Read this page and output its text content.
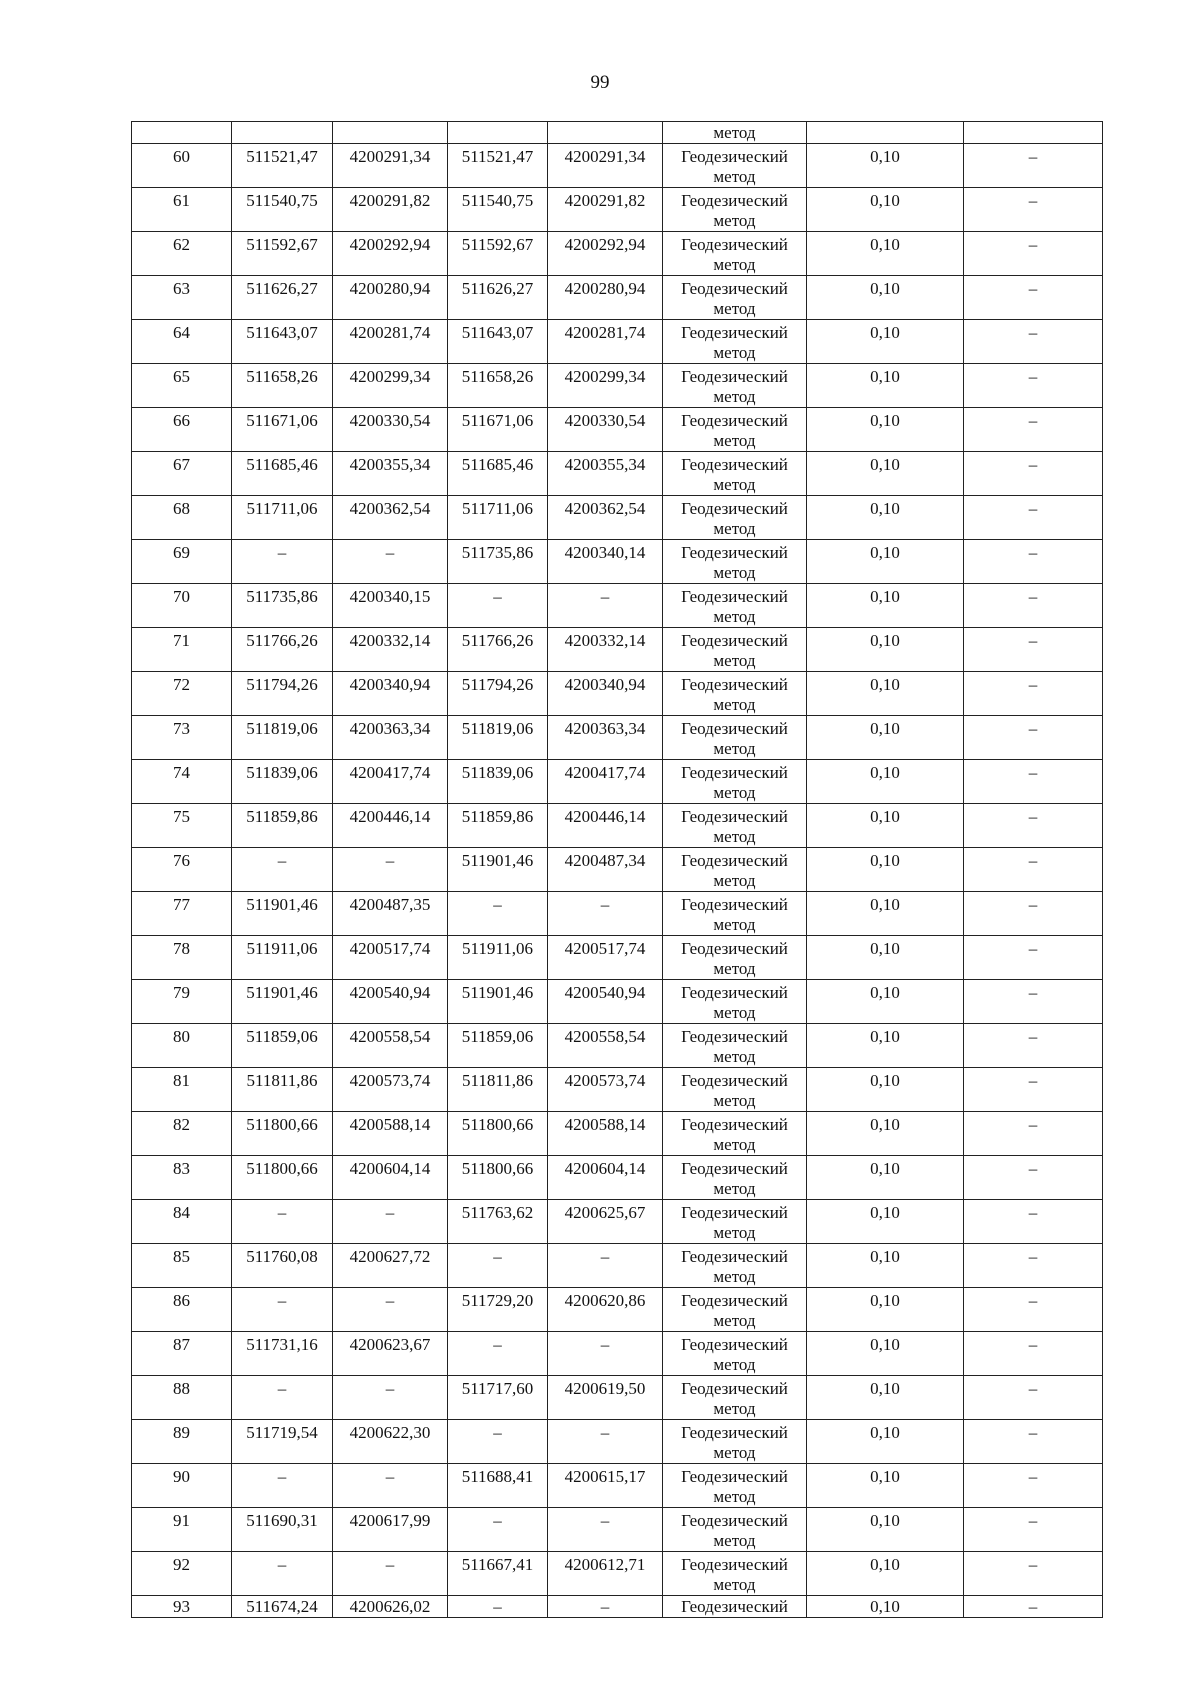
99

					метод		

60	511521,47	4200291,34	511521,47	4200291,34	Геодезический
метод	0,10	–

61	511540,75	4200291,82	511540,75	4200291,82	Геодезический
метод	0,10	–

62	511592,67	4200292,94	511592,67	4200292,94	Геодезический
метод	0,10	–

63	511626,27	4200280,94	511626,27	4200280,94	Геодезический
метод	0,10	–

64	511643,07	4200281,74	511643,07	4200281,74	Геодезический
метод	0,10	–

65	511658,26	4200299,34	511658,26	4200299,34	Геодезический
метод	0,10	–

66	511671,06	4200330,54	511671,06	4200330,54	Геодезический
метод	0,10	–

67	511685,46	4200355,34	511685,46	4200355,34	Геодезический
метод	0,10	–

68	511711,06	4200362,54	511711,06	4200362,54	Геодезический
метод	0,10	–

69	–	–	511735,86	4200340,14	Геодезический
метод	0,10	–

70	511735,86	4200340,15	–	–	Геодезический
метод	0,10	–

71	511766,26	4200332,14	511766,26	4200332,14	Геодезический
метод	0,10	–

72	511794,26	4200340,94	511794,26	4200340,94	Геодезический
метод	0,10	–

73	511819,06	4200363,34	511819,06	4200363,34	Геодезический
метод	0,10	–

74	511839,06	4200417,74	511839,06	4200417,74	Геодезический
метод	0,10	–

75	511859,86	4200446,14	511859,86	4200446,14	Геодезический
метод	0,10	–

76	–	–	511901,46	4200487,34	Геодезический
метод	0,10	–

77	511901,46	4200487,35	–	–	Геодезический
метод	0,10	–

78	511911,06	4200517,74	511911,06	4200517,74	Геодезический
метод	0,10	–

79	511901,46	4200540,94	511901,46	4200540,94	Геодезический
метод	0,10	–

80	511859,06	4200558,54	511859,06	4200558,54	Геодезический
метод	0,10	–

81	511811,86	4200573,74	511811,86	4200573,74	Геодезический
метод	0,10	–

82	511800,66	4200588,14	511800,66	4200588,14	Геодезический
метод	0,10	–

83	511800,66	4200604,14	511800,66	4200604,14	Геодезический
метод	0,10	–

84	–	–	511763,62	4200625,67	Геодезический
метод	0,10	–

85	511760,08	4200627,72	–	–	Геодезический
метод	0,10	–

86	–	–	511729,20	4200620,86	Геодезический
метод	0,10	–

87	511731,16	4200623,67	–	–	Геодезический
метод	0,10	–

88	–	–	511717,60	4200619,50	Геодезический
метод	0,10	–

89	511719,54	4200622,30	–	–	Геодезический
метод	0,10	–

90	–	–	511688,41	4200615,17	Геодезический
метод	0,10	–

91	511690,31	4200617,99	–	–	Геодезический
метод	0,10	–

92	–	–	511667,41	4200612,71	Геодезический
метод	0,10	–

93	511674,24	4200626,02	–	–	Геодезический	0,10	–
